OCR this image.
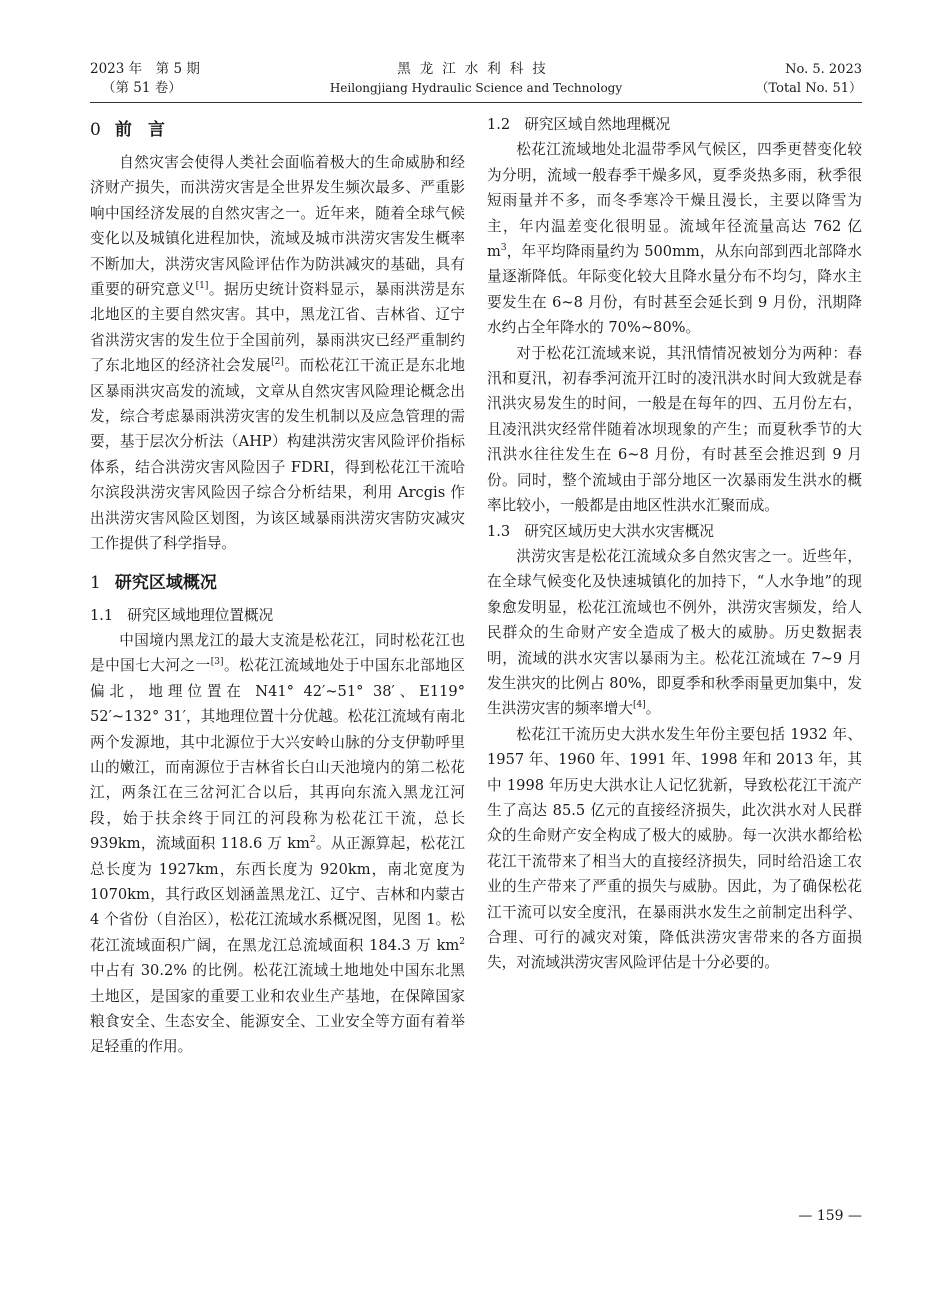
2023 年　第 5 期
（第 51 卷）
黑龙江水利科技
Heilongjiang Hydraulic Science and Technology
No. 5. 2023
（Total No. 51）
0 前言

自然灾害会使得人类社会面临着极大的生命威胁和经济财产损失，而洪涝灾害是全世界发生频次最多、严重影响中国经济发展的自然灾害之一。近年来，随着全球气候变化以及城镇化进程加快，流域及城市洪涝灾害发生概率不断加大，洪涝灾害风险评估作为防洪减灾的基础，具有重要的研究意义[1]。据历史统计资料显示，暴雨洪涝是东北地区的主要自然灾害。其中，黑龙江省、吉林省、辽宁省洪涝灾害的发生位于全国前列，暴雨洪灾已经严重制约了东北地区的经济社会发展[2]。而松花江干流正是东北地区暴雨洪灾高发的流域，文章从自然灾害风险理论概念出发，综合考虑暴雨洪涝灾害的发生机制以及应急管理的需要，基于层次分析法（AHP）构建洪涝灾害风险评价指标体系，结合洪涝灾害风险因子 FDRI，得到松花江干流哈尔滨段洪涝灾害风险因子综合分析结果，利用 Arcgis 作出洪涝灾害风险区划图，为该区域暴雨洪涝灾害防灾减灾工作提供了科学指导。

1 研究区域概况
1.1 研究区域地理位置概况

中国境内黑龙江的最大支流是松花江，同时松花江也是中国七大河之一[3]。松花江流域地处于中国东北部地区偏北，地理位置在 N41° 42′~51° 38′、E119° 52′~132° 31′，其地理位置十分优越。松花江流域有南北两个发源地，其中北源位于大兴安岭山脉的分支伊勒呼里山的嫩江，而南源位于吉林省长白山天池境内的第二松花江，两条江在三岔河汇合以后，其再向东流入黑龙江河段，始于扶余终于同江的河段称为松花江干流，总长 939km，流域面积 118.6 万 $km^2$。从正源算起，松花江总长度为 1927km，东西长度为 920km，南北宽度为 1070km，其行政区划涵盖黑龙江、辽宁、吉林和内蒙古 4 个省份（自治区），松花江流域水系概况图，见图 1。松花江流域面积广阔，在黑龙江总流域面积 184.3 万 $km^2$中占有 30.2% 的比例。松花江流域土地地处中国东北黑土地区，是国家的重要工业和农业生产基地，在保障国家粮食安全、生态安全、能源安全、工业安全等方面有着举足轻重的作用。

1.2 研究区域自然地理概况

松花江流域地处北温带季风气候区，四季更替变化较为分明，流域一般春季干燥多风，夏季炎热多雨，秋季很短雨量并不多，而冬季寒冷干燥且漫长，主要以降雪为主，年内温差变化很明显。流域年径流量高达 762 亿 $m^3$，年平均降雨量约为 500mm，从东向部到西北部降水量逐渐降低。年际变化较大且降水量分布不均匀，降水主要发生在 6~8 月份，有时甚至会延长到 9 月份，汛期降水约占全年降水的 70%~80%。

对于松花江流域来说，其汛情情况被划分为两种：春汛和夏汛，初春季河流开江时的凌汛洪水时间大致就是春汛洪灾易发生的时间，一般是在每年的四、五月份左右，且凌汛洪灾经常伴随着冰坝现象的产生；而夏秋季节的大汛洪水往往发生在 6~8 月份，有时甚至会推迟到 9 月份。同时，整个流域由于部分地区一次暴雨发生洪水的概率比较小，一般都是由地区性洪水汇聚而成。

1.3 研究区域历史大洪水灾害概况

洪涝灾害是松花江流域众多自然灾害之一。近些年，在全球气候变化及快速城镇化的加持下，“人水争地”的现象愈发明显，松花江流域也不例外，洪涝灾害频发，给人民群众的生命财产安全造成了极大的威胁。历史数据表明，流域的洪水灾害以暴雨为主。松花江流域在 7~9 月发生洪灾的比例占 80%，即夏季和秋季雨量更加集中，发生洪涝灾害的频率增大[4]。

松花江干流历史大洪水发生年份主要包括 1932 年、1957 年、1960 年、1991 年、1998 年和 2013 年，其中 1998 年历史大洪水让人记忆犹新，导致松花江干流产生了高达 85.5 亿元的直接经济损失，此次洪水对人民群众的生命财产安全构成了极大的威胁。每一次洪水都给松花江干流带来了相当大的直接经济损失，同时给沿途工农业的生产带来了严重的损失与威胁。因此，为了确保松花江干流可以安全度汛，在暴雨洪水发生之前制定出科学、合理、可行的减灾对策，降低洪涝灾害带来的各方面损失，对流域洪涝灾害风险评估是十分必要的。

— 159 —
